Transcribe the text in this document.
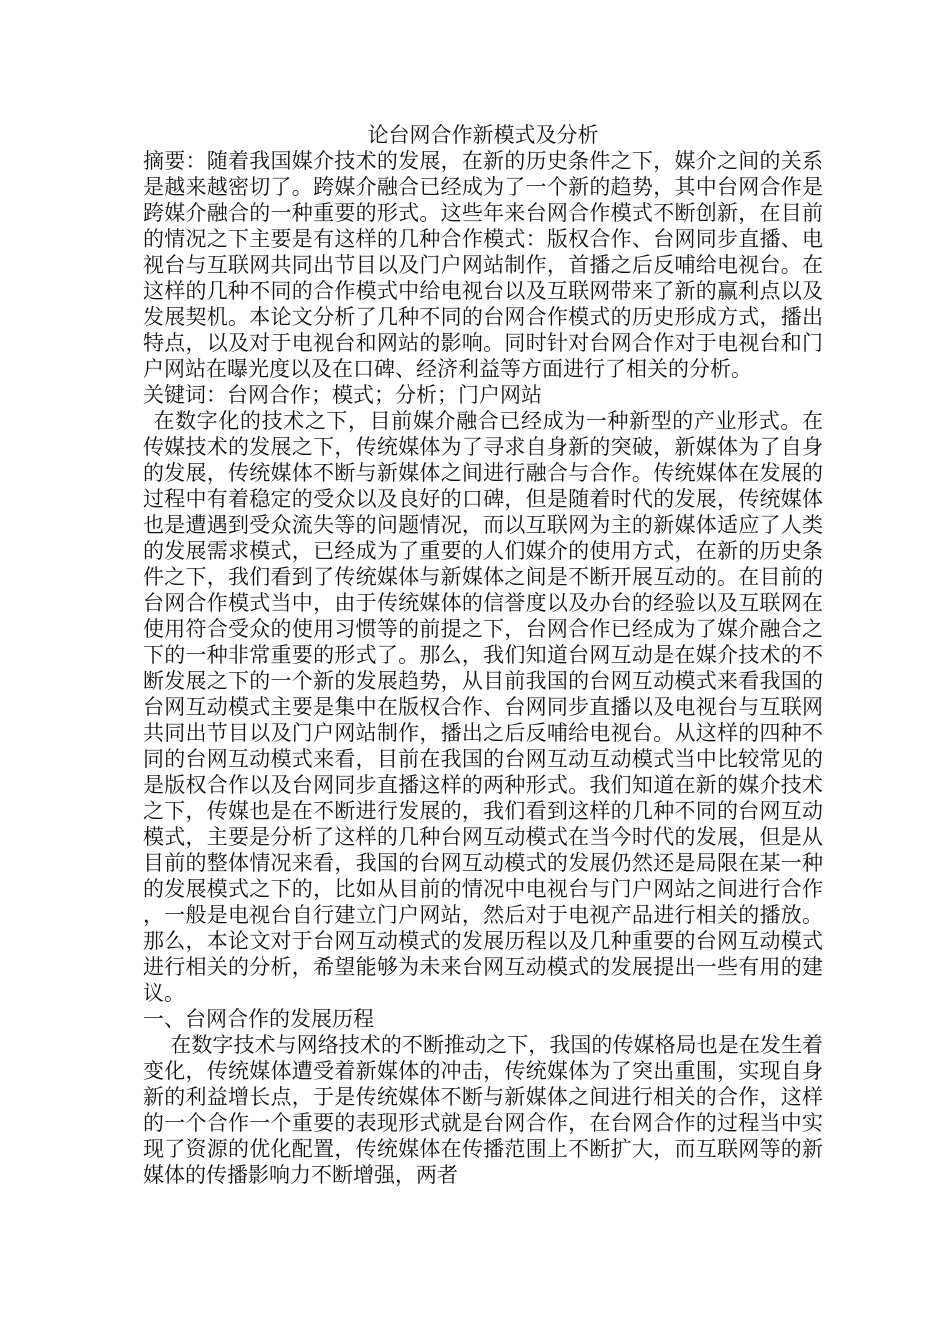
论台网合作新模式及分析

摘要：随着我国媒介技术的发展，在新的历史条件之下，媒介之间的关系是越来越密切了。跨媒介融合已经成为了一个新的趋势，其中台网合作是跨媒介融合的一种重要的形式。这些年来台网合作模式不断创新，在目前的情况之下主要是有这样的几种合作模式：版权合作、台网同步直播、电视台与互联网共同出节目以及门户网站制作，首播之后反哺给电视台。在这样的几种不同的合作模式中给电视台以及互联网带来了新的赢利点以及发展契机。本论文分析了几种不同的台网合作模式的历史形成方式，播出特点，以及对于电视台和网站的影响。同时针对台网合作对于电视台和门户网站在曝光度以及在口碑、经济利益等方面进行了相关的分析。

关键词：台网合作；模式；分析；门户网站

在数字化的技术之下，目前媒介融合已经成为一种新型的产业形式。在传媒技术的发展之下，传统媒体为了寻求自身新的突破，新媒体为了自身的发展，传统媒体不断与新媒体之间进行融合与合作。传统媒体在发展的过程中有着稳定的受众以及良好的口碑，但是随着时代的发展，传统媒体也是遭遇到受众流失等的问题情况，而以互联网为主的新媒体适应了人类的发展需求模式，已经成为了重要的人们媒介的使用方式，在新的历史条件之下，我们看到了传统媒体与新媒体之间是不断开展互动的。在目前的台网合作模式当中，由于传统媒体的信誉度以及办台的经验以及互联网在使用符合受众的使用习惯等的前提之下，台网合作已经成为了媒介融合之下的一种非常重要的形式了。那么，我们知道台网互动是在媒介技术的不断发展之下的一个新的发展趋势，从目前我国的台网互动模式来看我国的台网互动模式主要是集中在版权合作、台网同步直播以及电视台与互联网共同出节目以及门户网站制作，播出之后反哺给电视台。从这样的四种不同的台网互动模式来看，目前在我国的台网互动互动模式当中比较常见的是版权合作以及台网同步直播这样的两种形式。我们知道在新的媒介技术之下，传媒也是在不断进行发展的，我们看到这样的几种不同的台网互动模式，主要是分析了这样的几种台网互动模式在当今时代的发展，但是从目前的整体情况来看，我国的台网互动模式的发展仍然还是局限在某一种的发展模式之下的，比如从目前的情况中电视台与门户网站之间进行合作，一般是电视台自行建立门户网站，然后对于电视产品进行相关的播放。那么，本论文对于台网互动模式的发展历程以及几种重要的台网互动模式进行相关的分析，希望能够为未来台网互动模式的发展提出一些有用的建议。

一、台网合作的发展历程

在数字技术与网络技术的不断推动之下，我国的传媒格局也是在发生着变化，传统媒体遭受着新媒体的冲击，传统媒体为了突出重围，实现自身新的利益增长点，于是传统媒体不断与新媒体之间进行相关的合作，这样的一个合作一个重要的表现形式就是台网合作，在台网合作的过程当中实现了资源的优化配置，传统媒体在传播范围上不断扩大，而互联网等的新媒体的传播影响力不断增强，两者
